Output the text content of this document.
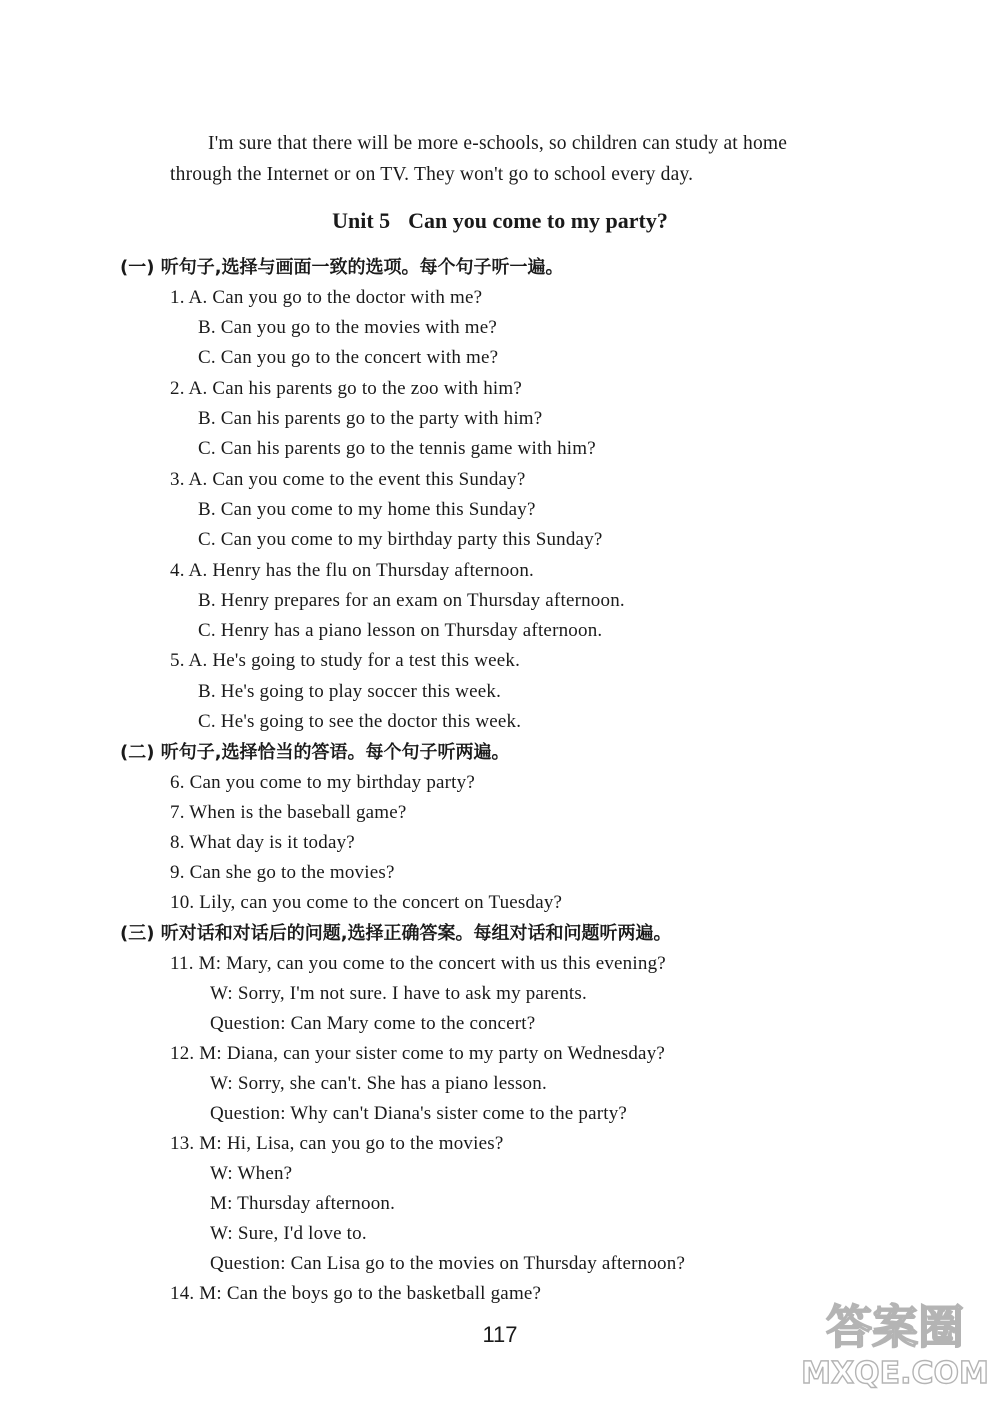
I'm sure that there will be more e-schools, so children can study at home
through the Internet or on TV. They won't go to school every day.
Unit 5 Can you come to my party?
(一) 听句子,选择与画面一致的选项。每个句子听一遍。
1. A. Can you go to the doctor with me?
B. Can you go to the movies with me?
C. Can you go to the concert with me?
2. A. Can his parents go to the zoo with him?
B. Can his parents go to the party with him?
C. Can his parents go to the tennis game with him?
3. A. Can you come to the event this Sunday?
B. Can you come to my home this Sunday?
C. Can you come to my birthday party this Sunday?
4. A. Henry has the flu on Thursday afternoon.
B. Henry prepares for an exam on Thursday afternoon.
C. Henry has a piano lesson on Thursday afternoon.
5. A. He's going to study for a test this week.
B. He's going to play soccer this week.
C. He's going to see the doctor this week.
(二) 听句子,选择恰当的答语。每个句子听两遍。
6. Can you come to my birthday party?
7. When is the baseball game?
8. What day is it today?
9. Can she go to the movies?
10. Lily, can you come to the concert on Tuesday?
(三) 听对话和对话后的问题,选择正确答案。每组对话和问题听两遍。
11. M: Mary, can you come to the concert with us this evening?
W: Sorry, I'm not sure. I have to ask my parents.
Question: Can Mary come to the concert?
12. M: Diana, can your sister come to my party on Wednesday?
W: Sorry, she can't. She has a piano lesson.
Question: Why can't Diana's sister come to the party?
13. M: Hi, Lisa, can you go to the movies?
W: When?
M: Thursday afternoon.
W: Sure, I'd love to.
Question: Can Lisa go to the movies on Thursday afternoon?
14. M: Can the boys go to the basketball game?
117	答案圈
MXQE.COM
